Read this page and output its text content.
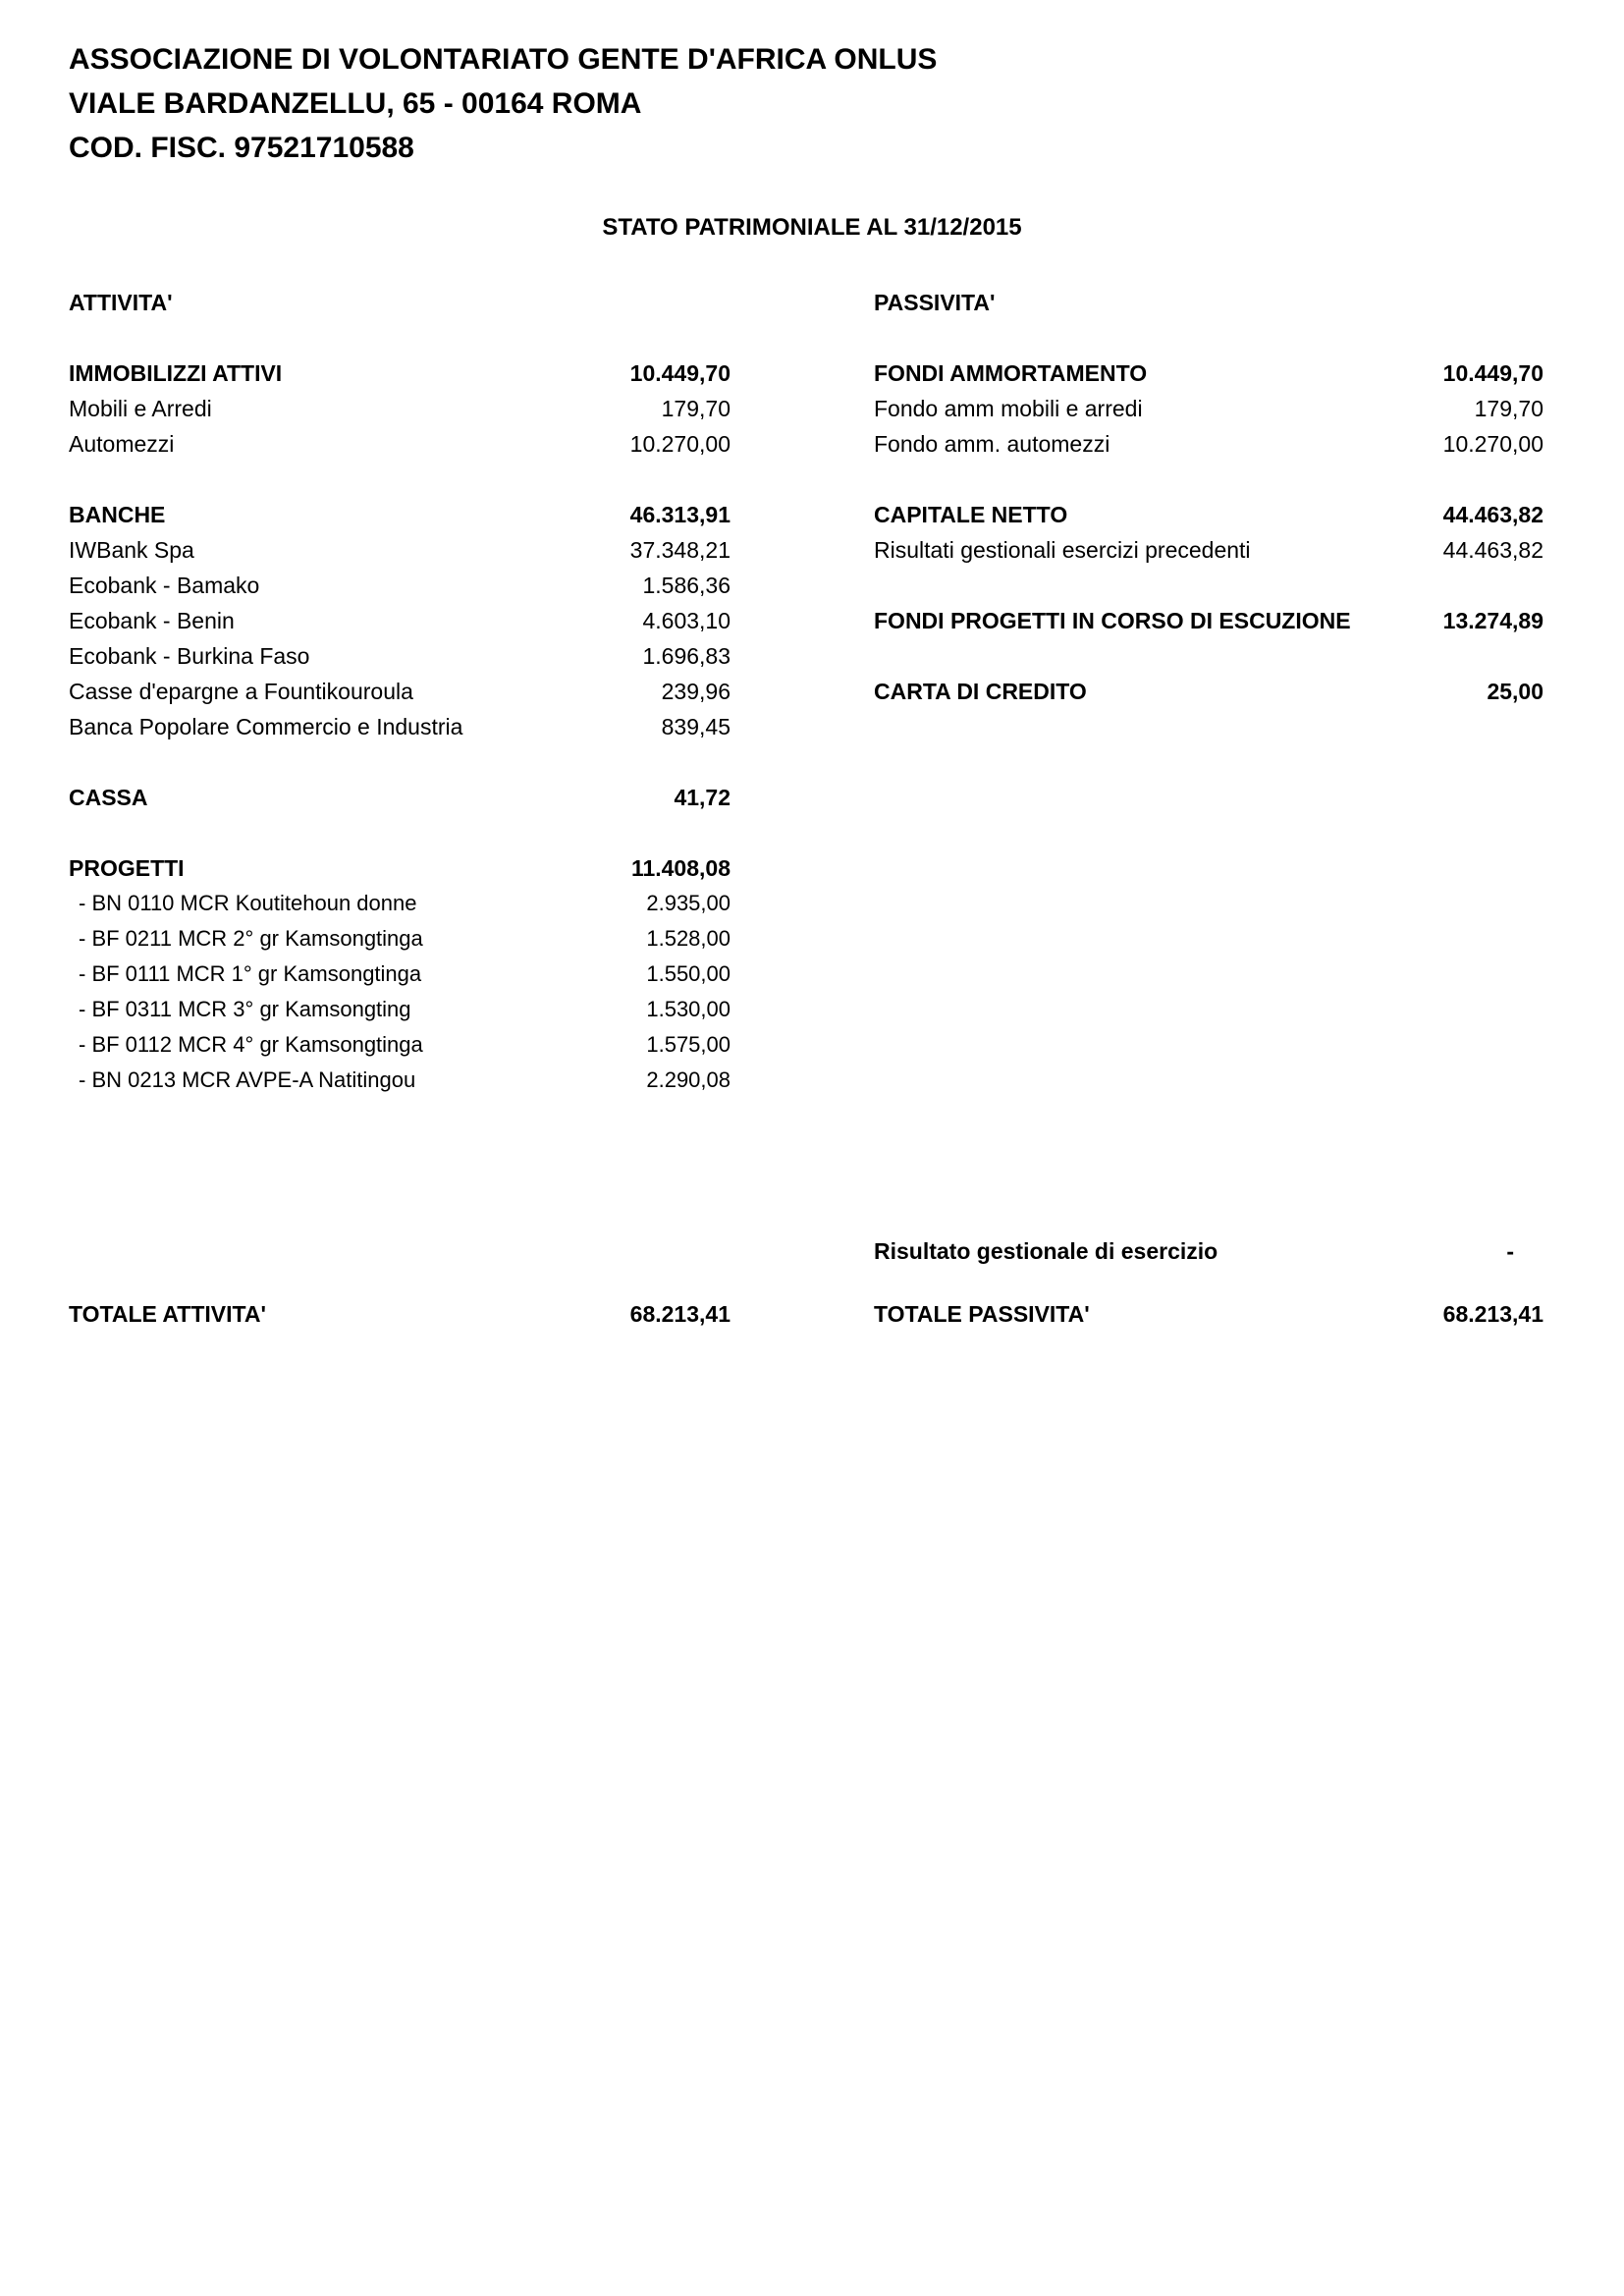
ASSOCIAZIONE DI VOLONTARIATO GENTE D'AFRICA ONLUS
VIALE BARDANZELLU, 65 - 00164 ROMA
COD. FISC. 97521710588
STATO PATRIMONIALE AL 31/12/2015
ATTIVITA'
IMMOBILIZZI ATTIVI	10.449,70
Mobili e Arredi	179,70
Automezzi	10.270,00
BANCHE	46.313,91
IWBank Spa	37.348,21
Ecobank - Bamako	1.586,36
Ecobank - Benin	4.603,10
Ecobank - Burkina Faso	1.696,83
Casse d'epargne a Fountikouroula	239,96
Banca Popolare Commercio e Industria	839,45
CASSA	41,72
PROGETTI	11.408,08
- BN 0110 MCR Koutitehoun donne	2.935,00
- BF 0211 MCR 2° gr Kamsongtinga	1.528,00
- BF 0111 MCR 1° gr Kamsongtinga	1.550,00
- BF 0311 MCR 3° gr Kamsongting	1.530,00
- BF 0112 MCR 4° gr Kamsongtinga	1.575,00
- BN 0213 MCR AVPE-A Natitingou	2.290,08
PASSIVITA'
FONDI AMMORTAMENTO	10.449,70
Fondo amm mobili e arredi	179,70
Fondo amm. automezzi	10.270,00
CAPITALE NETTO	44.463,82
Risultati gestionali esercizi precedenti	44.463,82
FONDI PROGETTI IN CORSO DI ESCUZIONE	13.274,89
CARTA DI CREDITO	25,00
Risultato gestionale di esercizio	-
TOTALE ATTIVITA'	68.213,41	TOTALE PASSIVITA'	68.213,41
